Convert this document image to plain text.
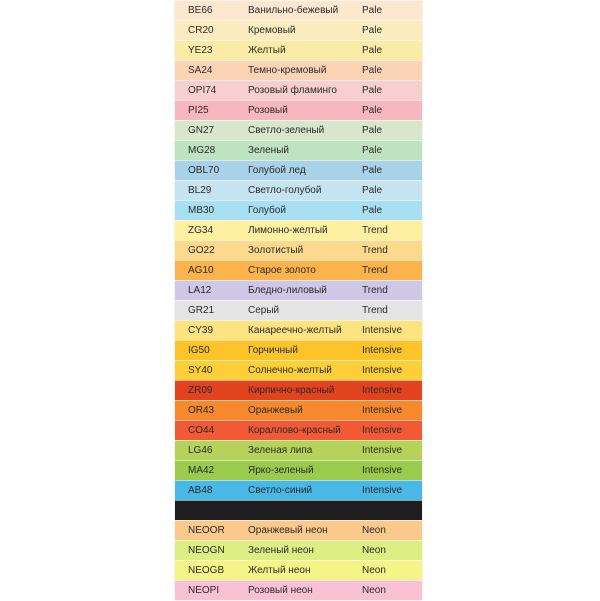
BE66	Ванильно-бежевый Pale
CR20	Кремовый	Pale
YE23	Желтый	Pale
SA24	Темно-кремовый	Pale
OPI74	Розовый фламинго	Pale
PI25	Розовый	Pale
GN27	Светло-зеленый	Pale
MG28	Зеленый	Pale
OBL70	Голубой лед	Pale
BL29	Светло-голубой	Pale
MB30	Голубой	Pale
ZG34	Лимонно-желтый	Trend
GO22	Золотистый	Trend
AG10	Старое золото	Trend
LA12	Бледно-лиловый	Trend
GR21	Серый	Trend
CY39	Канареечно-желтый Intensive
IG50	Горчичный	Intensive
SY40	Солнечно-желтый	Intensive
ZR09	Кирпично-красный	Intensive
OR43	Оранжевый	Intensive
CO44	Кораллово-красный Intensive
LG46	Зеленая липа	Intensive
MA42	Ярко-зеленый	Intensive
AB48	Светло-синий	Intensive
NEOOR Оранжевый неон	Neon
NEOGN Зеленый неон	Neon
NEOGB Желтый неон	Neon
NEOPI	Розовый неон	Neon
